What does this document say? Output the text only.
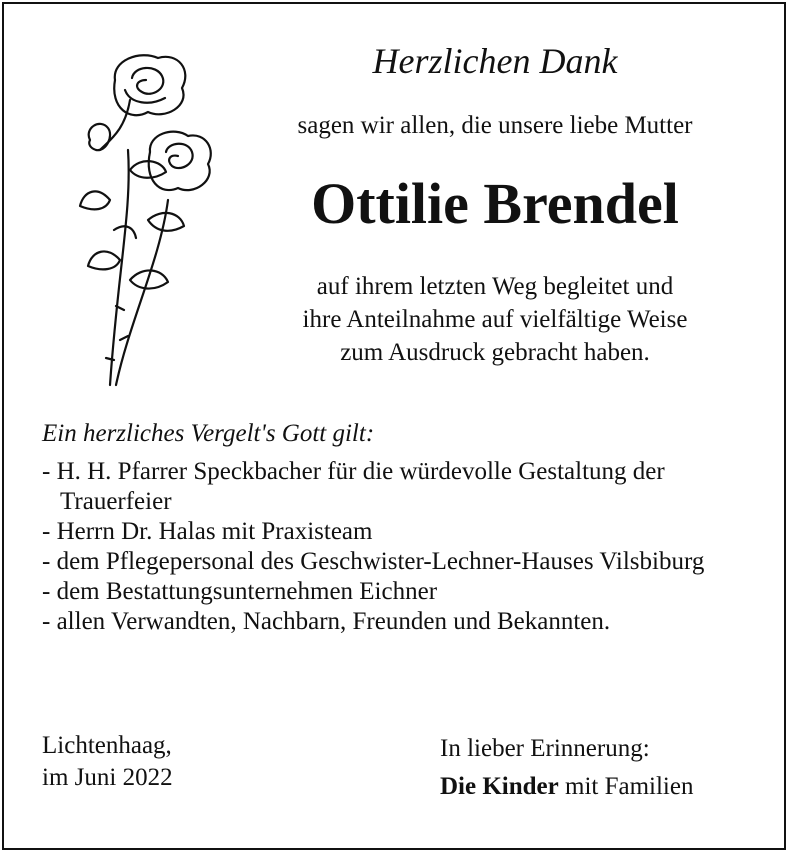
Herzlichen Dank
sagen wir allen, die unsere liebe Mutter
Ottilie Brendel
auf ihrem letzten Weg begleitet und
ihre Anteilnahme auf vielfältige Weise
zum Ausdruck gebracht haben.
Ein herzliches Vergelt's Gott gilt:
- H. H. Pfarrer Speckbacher für die würdevolle Gestaltung der Trauerfeier
- Herrn Dr. Halas mit Praxisteam
- dem Pflegepersonal des Geschwister-Lechner-Hauses Vilsbiburg
- dem Bestattungsunternehmen Eichner
- allen Verwandten, Nachbarn, Freunden und Bekannten.
Lichtenhaag,
im Juni 2022
In lieber Erinnerung:
Die Kinder mit Familien
